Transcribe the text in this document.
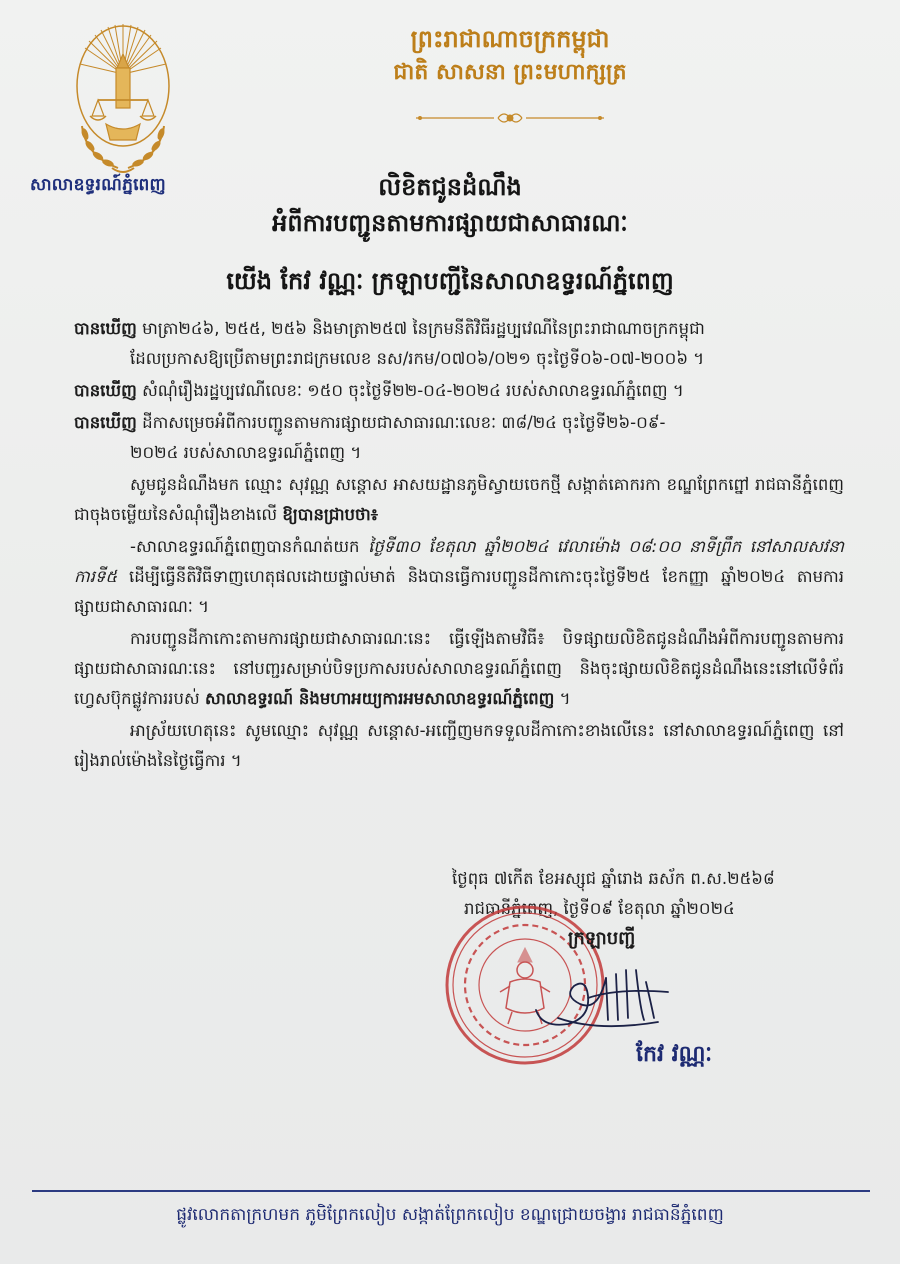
សាលាឧទ្ធរណ៍ភ្នំពេញ
ព្រះរាជាណាចក្រកម្ពុជា
ជាតិ សាសនា ព្រះមហាក្សត្រ
លិខិតជូនដំណឹង
អំពីការបញ្ជូនតាមការផ្សាយជាសាធារណៈ
យើង កែវ វណ្ណៈ ក្រឡាបញ្ជីនៃសាលាឧទ្ធរណ៍ភ្នំពេញ
បានឃើញ មាត្រា២៤៦, ២៥៥, ២៥៦ និងមាត្រា២៥៧ នៃក្រមនីតិវិធីរដ្ឋប្បវេណីនៃព្រះរាជាណាចក្រកម្ពុជា
ដែលប្រកាសឱ្យប្រើតាមព្រះរាជក្រមលេខ នស/រកម/០៧០៦/០២១ ចុះថ្ងៃទី០៦-០៧-២០០៦ ។
បានឃើញ សំណុំរឿងរដ្ឋប្បវេណីលេខៈ ១៥០ ចុះថ្ងៃទី២២-០៤-២០២៤ របស់សាលាឧទ្ធរណ៍ភ្នំពេញ ។
បានឃើញ ដីកាសម្រេចអំពីការបញ្ជូនតាមការផ្សាយជាសាធារណៈលេខៈ ៣៨/២៤ ចុះថ្ងៃទី២៦-០៩-
២០២៤ របស់សាលាឧទ្ធរណ៍ភ្នំពេញ ។
សូមជូនដំណឹងមក ឈ្មោះ សុវណ្ណ សន្តោស អាសយដ្ឋានភូមិស្វាយចេកថ្មី សង្កាត់គោករកា ខណ្ឌព្រែកព្នៅ រាជធានីភ្នំពេញ ជាចុងចម្លើយនៃសំណុំរឿងខាងលើ ឱ្យបានជ្រាបថា៖
-សាលាឧទ្ធរណ៍ភ្នំពេញបានកំណត់យក ថ្ងៃទី៣០ ខែតុលា ឆ្នាំ២០២៤ វេលាម៉ោង ០៨:០០ នាទីព្រឹក នៅសាលសវនាការទី៥ ដើម្បីធ្វើនីតិវិធីទាញហេតុផលដោយផ្ទាល់មាត់ និងបានធ្វើការបញ្ជូនដីកាកោះចុះថ្ងៃទី២៥ ខែកញ្ញា ឆ្នាំ២០២៤ តាមការផ្សាយជាសាធារណៈ ។
ការបញ្ជូនដីកាកោះតាមការផ្សាយជាសាធារណៈនេះ ធ្វើឡើងតាមវិធី៖ បិទផ្សាយលិខិតជូនដំណឹងអំពីការបញ្ជូនតាមការផ្សាយជាសាធារណៈនេះ នៅបញ្ជរសម្រាប់បិទប្រកាសរបស់សាលាឧទ្ធរណ៍ភ្នំពេញ និងចុះផ្សាយលិខិតជូនដំណឹងនេះនៅលើទំព័រហ្វេសប៊ុកផ្លូវការរបស់ សាលាឧទ្ធរណ៍ និងមហាអយ្យការអមសាលាឧទ្ធរណ៍ភ្នំពេញ ។
អាស្រ័យហេតុនេះ សូមឈ្មោះ សុវណ្ណ សន្តោស-អញ្ជើញមកទទួលដីកាកោះខាងលើនេះ នៅសាលាឧទ្ធរណ៍ភ្នំពេញ នៅរៀងរាល់ម៉ោងនៃថ្ងៃធ្វើការ ។
ថ្ងៃពុធ ៧កើត ខែអស្សុជ ឆ្នាំរោង ឆស័ក ព.ស.២៥៦៨
រាជធានីភ្នំពេញ, ថ្ងៃទី០៩ ខែតុលា ឆ្នាំ២០២៤
ក្រឡាបញ្ជី
កែវ វណ្ណៈ
ផ្លូវលោកតាក្រហមក ភូមិព្រែកលៀប សង្កាត់ព្រែកលៀប ខណ្ឌជ្រោយចង្វារ រាជធានីភ្នំពេញ
